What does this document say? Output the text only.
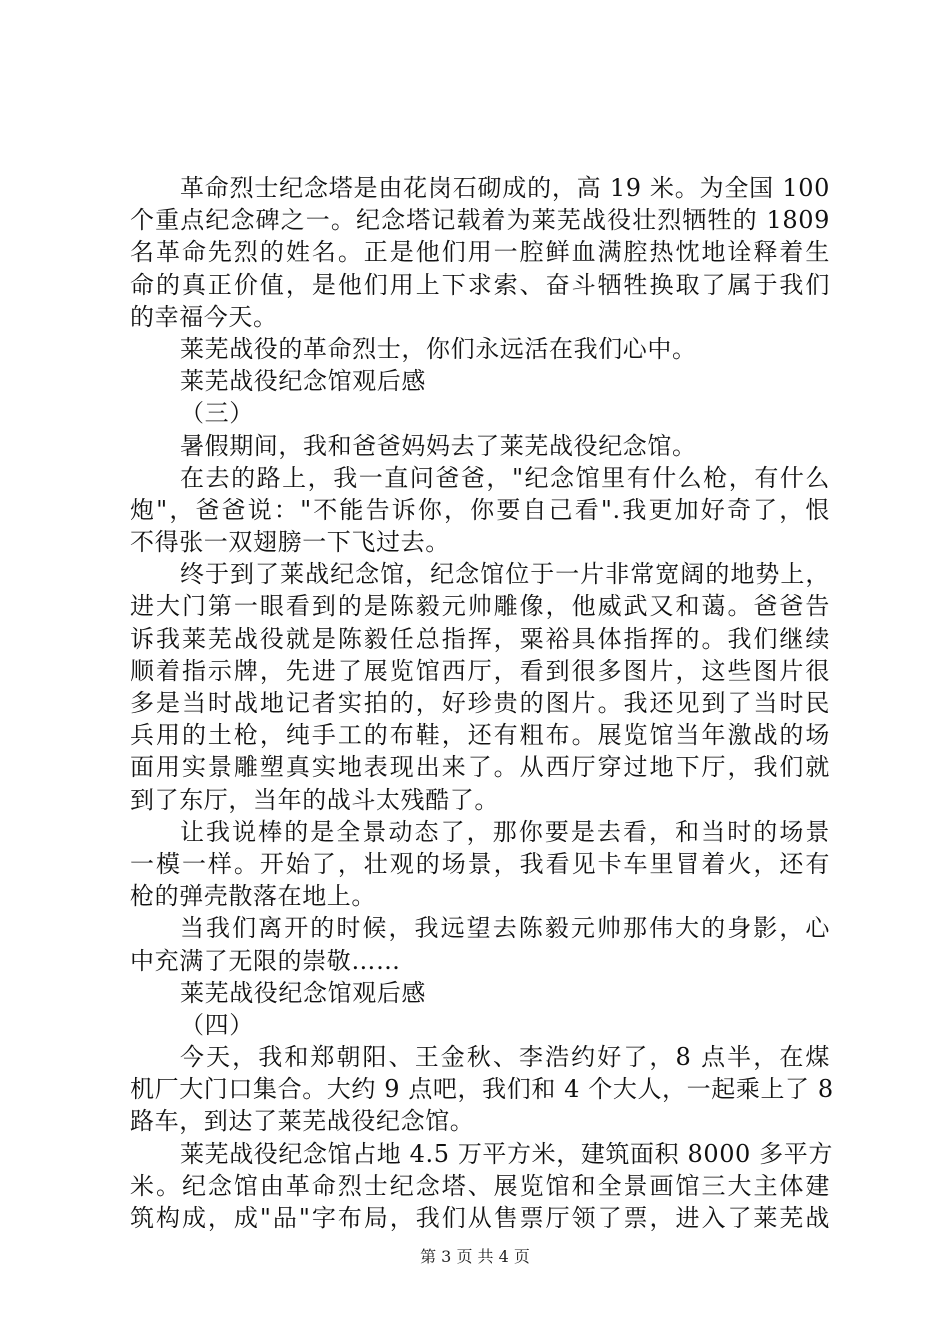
革命烈士纪念塔是由花岗石砌成的，高 19 米。为全国 100
个重点纪念碑之一。纪念塔记载着为莱芜战役壮烈牺牲的 1809
名革命先烈的姓名。正是他们用一腔鲜血满腔热忱地诠释着生
命的真正价值，是他们用上下求索、奋斗牺牲换取了属于我们
的幸福今天。
莱芜战役的革命烈士，你们永远活在我们心中。
莱芜战役纪念馆观后感
（三）
暑假期间，我和爸爸妈妈去了莱芜战役纪念馆。
在去的路上，我一直问爸爸，"纪念馆里有什么枪，有什么
炮"，爸爸说："不能告诉你，你要自己看".我更加好奇了，恨
不得张一双翅膀一下飞过去。
终于到了莱战纪念馆，纪念馆位于一片非常宽阔的地势上，
进大门第一眼看到的是陈毅元帅雕像，他威武又和蔼。爸爸告
诉我莱芜战役就是陈毅任总指挥，粟裕具体指挥的。我们继续
顺着指示牌，先进了展览馆西厅，看到很多图片，这些图片很
多是当时战地记者实拍的，好珍贵的图片。我还见到了当时民
兵用的土枪，纯手工的布鞋，还有粗布。展览馆当年激战的场
面用实景雕塑真实地表现出来了。从西厅穿过地下厅，我们就
到了东厅，当年的战斗太残酷了。
让我说棒的是全景动态了，那你要是去看，和当时的场景
一模一样。开始了，壮观的场景，我看见卡车里冒着火，还有
枪的弹壳散落在地上。
当我们离开的时候，我远望去陈毅元帅那伟大的身影，心
中充满了无限的崇敬……
莱芜战役纪念馆观后感
（四）
今天，我和郑朝阳、王金秋、李浩约好了，8 点半，在煤
机厂大门口集合。大约 9 点吧，我们和 4 个大人，一起乘上了 8
路车，到达了莱芜战役纪念馆。
莱芜战役纪念馆占地 4.5 万平方米，建筑面积 8000 多平方
米。纪念馆由革命烈士纪念塔、展览馆和全景画馆三大主体建
筑构成，成"品"字布局，我们从售票厅领了票，进入了莱芜战
第 3 页 共 4 页
